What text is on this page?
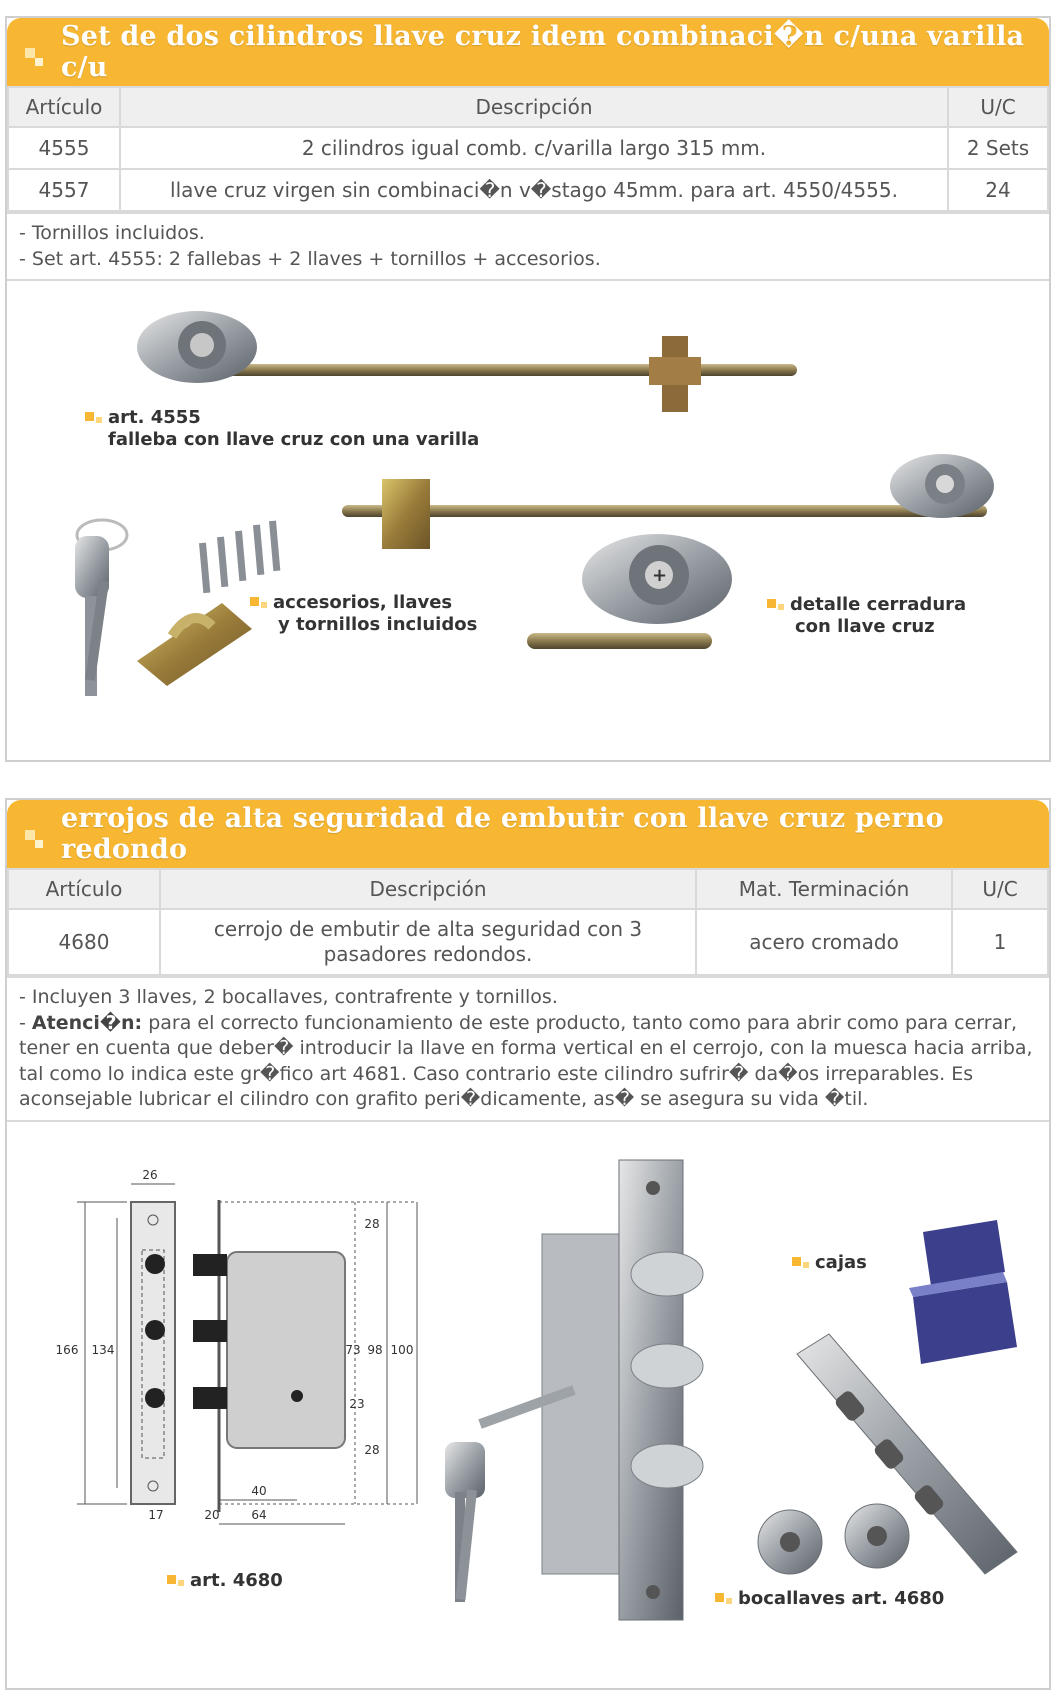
Set de dos cilindros llave cruz idem combinaci�n c/una varilla c/u
Artículo	Descripción	U/C
4555	2 cilindros igual comb. c/varilla largo 315 mm.	2 Sets
4557	llave cruz virgen sin combinaci�n v�stago 45mm. para art. 4550/4555.	24
- Tornillos incluidos.
- Set art. 4555: 2 fallebas + 2 llaves + tornillos + accesorios.
+
art. 4555
falleba con llave cruz con una varilla
accesorios, llaves
y tornillos incluidos
detalle cerradura
con llave cruz
errojos de alta seguridad de embutir con llave cruz perno redondo
Artículo	Descripción	Mat. Terminación	U/C
4680	cerrojo de embutir de alta seguridad con 3 pasadores redondos.	acero cromado	1
- Incluyen 3 llaves, 2 bocallaves, contrafrente y tornillos.
- Atenci�n: para el correcto funcionamiento de este producto, tanto como para abrir como para cerrar, tener en cuenta que deber� introducir la llave en forma vertical en el cerrojo, con la muesca hacia arriba, tal como lo indica este gr�fico art 4681. Caso contrario este cilindro sufrir� da�os irreparables. Es aconsejable lubricar el cilindro con grafito peri�dicamente, as� se asegura su vida �til.
26
166 134
17
28
73 98 100
23
28
40
20	64
art. 4680
cajas
bocallaves art. 4680
